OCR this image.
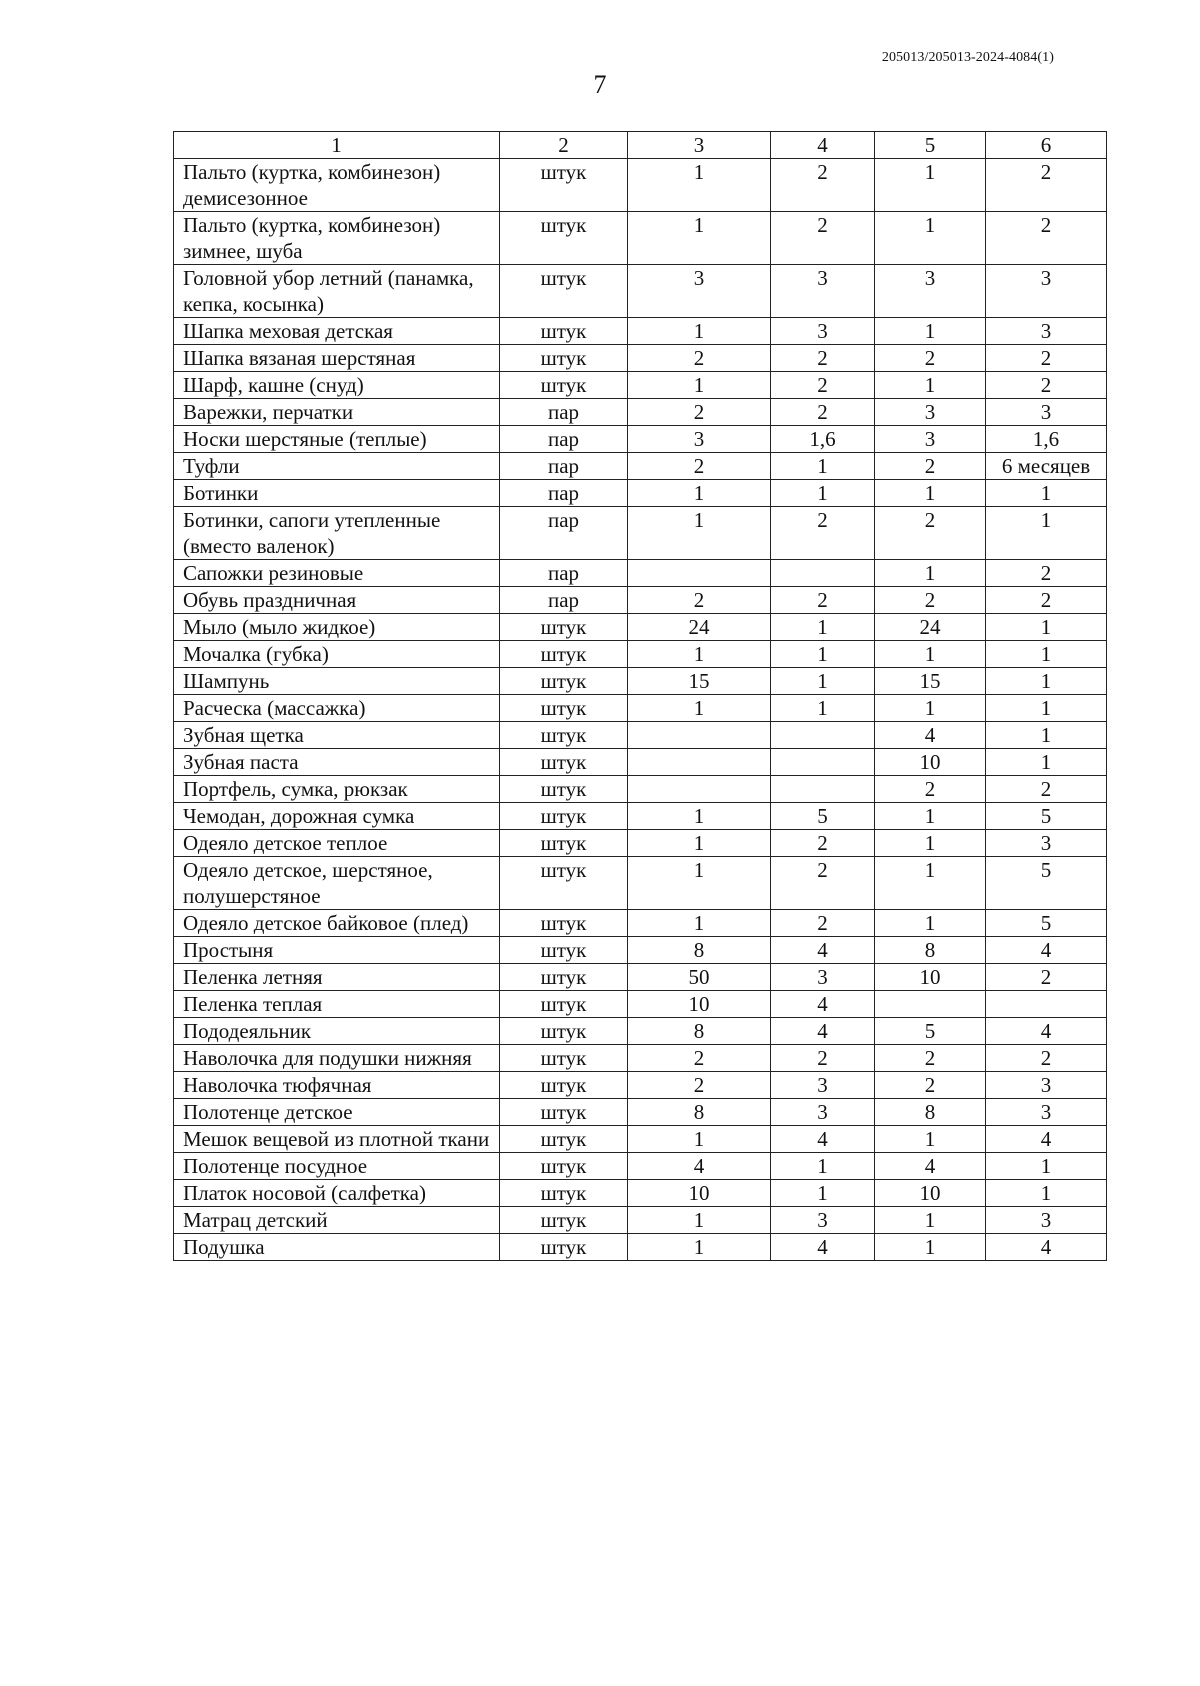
205013/205013-2024-4084(1)
7
1	2	3	4	5	6
Пальто (куртка, комбинезон) демисезонное	штук	1	2	1	2
Пальто (куртка, комбинезон) зимнее, шуба	штук	1	2	1	2
Головной убор летний (панамка, кепка, косынка)	штук	3	3	3	3
Шапка меховая детская	штук	1	3	1	3
Шапка вязаная шерстяная	штук	2	2	2	2
Шарф, кашне (снуд)	штук	1	2	1	2
Варежки, перчатки	пар	2	2	3	3
Носки шерстяные (теплые)	пар	3	1,6	3	1,6
Туфли	пар	2	1	2	6 месяцев
Ботинки	пар	1	1	1	1
Ботинки, сапоги утепленные (вместо валенок)	пар	1	2	2	1
Сапожки резиновые	пар			1	2
Обувь праздничная	пар	2	2	2	2
Мыло (мыло жидкое)	штук	24	1	24	1
Мочалка (губка)	штук	1	1	1	1
Шампунь	штук	15	1	15	1
Расческа (массажка)	штук	1	1	1	1
Зубная щетка	штук			4	1
Зубная паста	штук			10	1
Портфель, сумка, рюкзак	штук			2	2
Чемодан, дорожная сумка	штук	1	5	1	5
Одеяло детское теплое	штук	1	2	1	3
Одеяло детское, шерстяное, полушерстяное	штук	1	2	1	5
Одеяло детское байковое (плед)	штук	1	2	1	5
Простыня	штук	8	4	8	4
Пеленка летняя	штук	50	3	10	2
Пеленка теплая	штук	10	4		
Пододеяльник	штук	8	4	5	4
Наволочка для подушки нижняя	штук	2	2	2	2
Наволочка тюфячная	штук	2	3	2	3
Полотенце детское	штук	8	3	8	3
Мешок вещевой из плотной ткани	штук	1	4	1	4
Полотенце посудное	штук	4	1	4	1
Платок носовой (салфетка)	штук	10	1	10	1
Матрац детский	штук	1	3	1	3
Подушка	штук	1	4	1	4
